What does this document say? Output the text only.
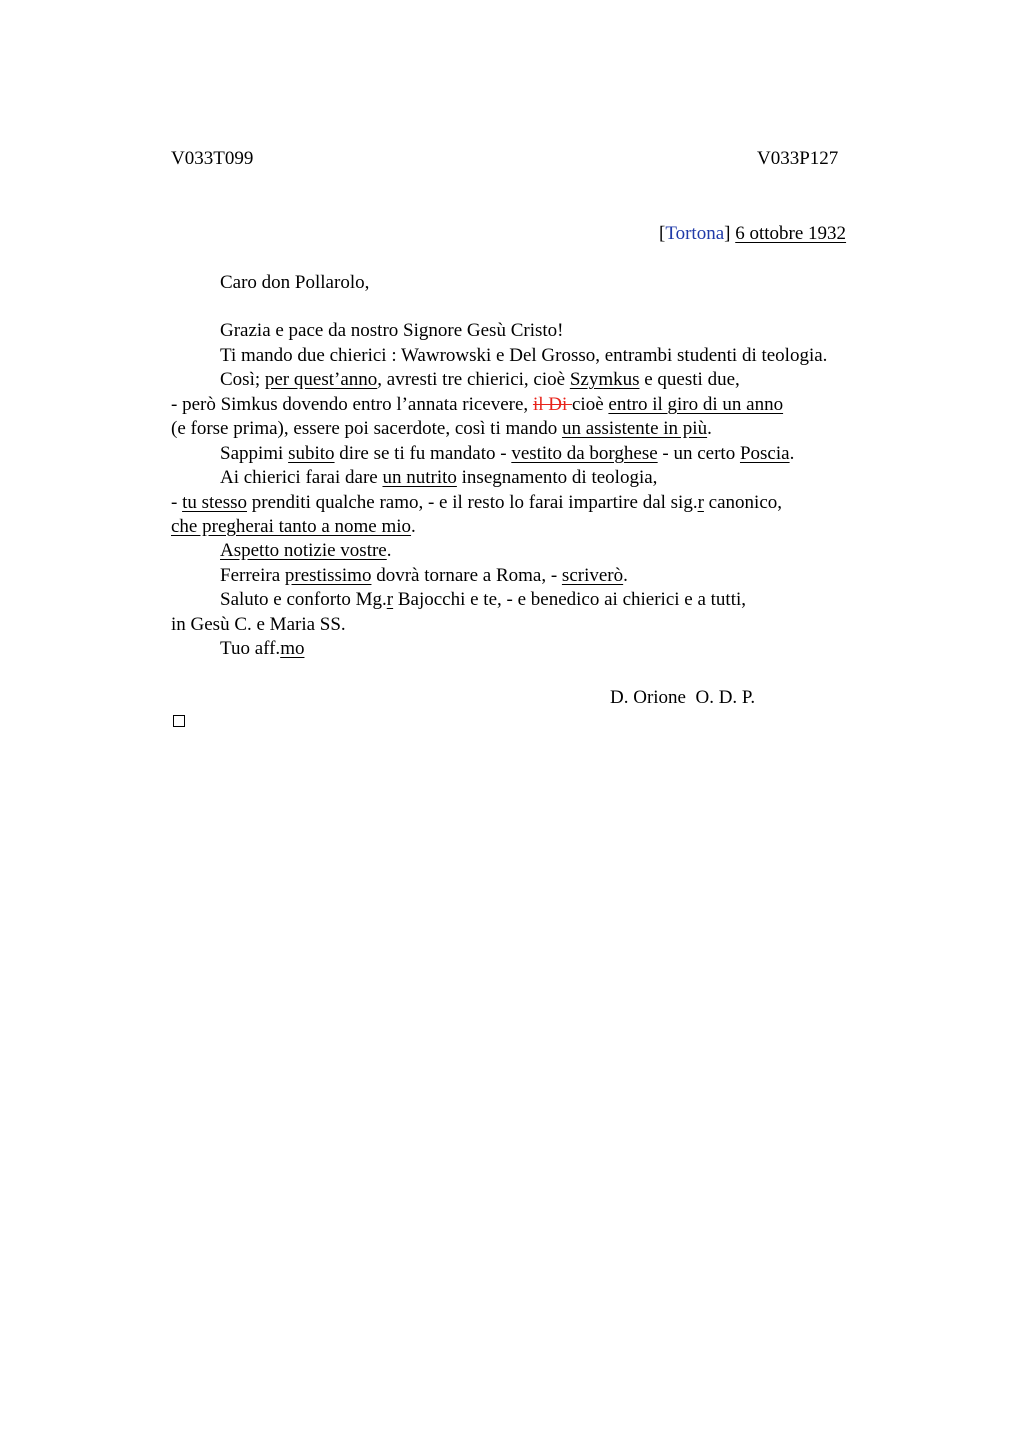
V033T099	V033P127
[Tortona] 6 ottobre 1932
Caro don Pollarolo,
Grazia e pace da nostro Signore Gesù Cristo!
Ti mando due chierici : Wawrowski e Del Grosso, entrambi studenti di teologia.
Così; per quest’anno, avresti tre chierici, cioè Szymkus e questi due,
- però Simkus dovendo entro l’annata ricevere, il Di cioè entro il giro di un anno
(e forse prima), essere poi sacerdote, così ti mando un assistente in più.
Sappimi subito dire se ti fu mandato - vestito da borghese - un certo Poscia.
Ai chierici farai dare un nutrito insegnamento di teologia,
- tu stesso prenditi qualche ramo, - e il resto lo farai impartire dal sig.r canonico,
che pregherai tanto a nome mio.
Aspetto notizie vostre.
Ferreira prestissimo dovrà tornare a Roma, - scriverò.
Saluto e conforto Mg.r Bajocchi e te, - e benedico ai chierici e a tutti,
in Gesù C. e Maria SS.
Tuo aff.mo
D. Orione  O. D. P.
